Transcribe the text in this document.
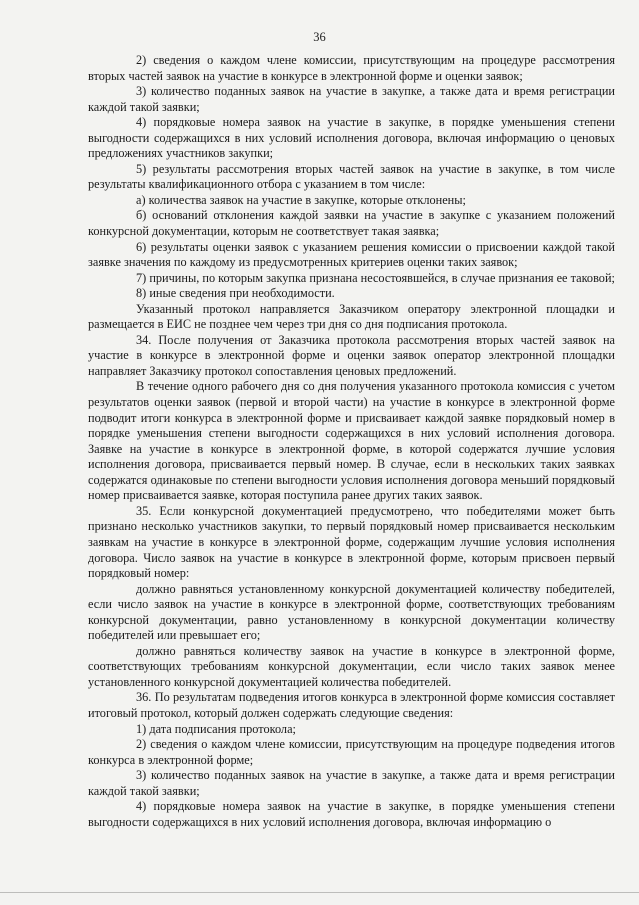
36

2) сведения о каждом члене комиссии, присутствующим на процедуре рассмотрения вторых частей заявок на участие в конкурсе в электронной форме и оценки заявок;

3) количество поданных заявок на участие в закупке, а также дата и время регистрации каждой такой заявки;

4) порядковые номера заявок на участие в закупке, в порядке уменьшения степени выгодности содержащихся в них условий исполнения договора, включая информацию о ценовых предложениях участников закупки;

5) результаты рассмотрения вторых частей заявок на участие в закупке, в том числе результаты квалификационного отбора с указанием в том числе:

а) количества заявок на участие в закупке, которые отклонены;

б) оснований отклонения каждой заявки на участие в закупке с указанием положений конкурсной документации, которым не соответствует такая заявка;

6) результаты оценки заявок с указанием решения комиссии о присвоении каждой такой заявке значения по каждому из предусмотренных критериев оценки таких заявок;

7) причины, по которым закупка признана несостоявшейся, в случае признания ее таковой;

8) иные сведения при необходимости.

Указанный протокол направляется Заказчиком оператору электронной площадки и размещается в ЕИС не позднее чем через три дня со дня подписания протокола.

34. После получения от Заказчика протокола рассмотрения вторых частей заявок на участие в конкурсе в электронной форме и оценки заявок оператор электронной площадки направляет Заказчику протокол сопоставления ценовых предложений.

В течение одного рабочего дня со дня получения указанного протокола комиссия с учетом результатов оценки заявок (первой и второй части) на участие в конкурсе в электронной форме подводит итоги конкурса в электронной форме и присваивает каждой заявке порядковый номер в порядке уменьшения степени выгодности содержащихся в них условий исполнения договора. Заявке на участие в конкурсе в электронной форме, в которой содержатся лучшие условия исполнения договора, присваивается первый номер. В случае, если в нескольких таких заявках содержатся одинаковые по степени выгодности условия исполнения договора меньший порядковый номер присваивается заявке, которая поступила ранее других таких заявок.

35. Если конкурсной документацией предусмотрено, что победителями может быть признано несколько участников закупки, то первый порядковый номер присваивается нескольким заявкам на участие в конкурсе в электронной форме, содержащим лучшие условия исполнения договора. Число заявок на участие в конкурсе в электронной форме, которым присвоен первый порядковый номер:

должно равняться установленному конкурсной документацией количеству победителей, если число заявок на участие в конкурсе в электронной форме, соответствующих требованиям конкурсной документации, равно установленному в конкурсной документации количеству победителей или превышает его;

должно равняться количеству заявок на участие в конкурсе в электронной форме, соответствующих требованиям конкурсной документации, если число таких заявок менее установленного конкурсной документацией количества победителей.

36. По результатам подведения итогов конкурса в электронной форме комиссия составляет итоговый протокол, который должен содержать следующие сведения:

1) дата подписания протокола;

2) сведения о каждом члене комиссии, присутствующим на процедуре подведения итогов конкурса в электронной форме;

3) количество поданных заявок на участие в закупке, а также дата и время регистрации каждой такой заявки;

4) порядковые номера заявок на участие в закупке, в порядке уменьшения степени выгодности содержащихся в них условий исполнения договора, включая информацию о
